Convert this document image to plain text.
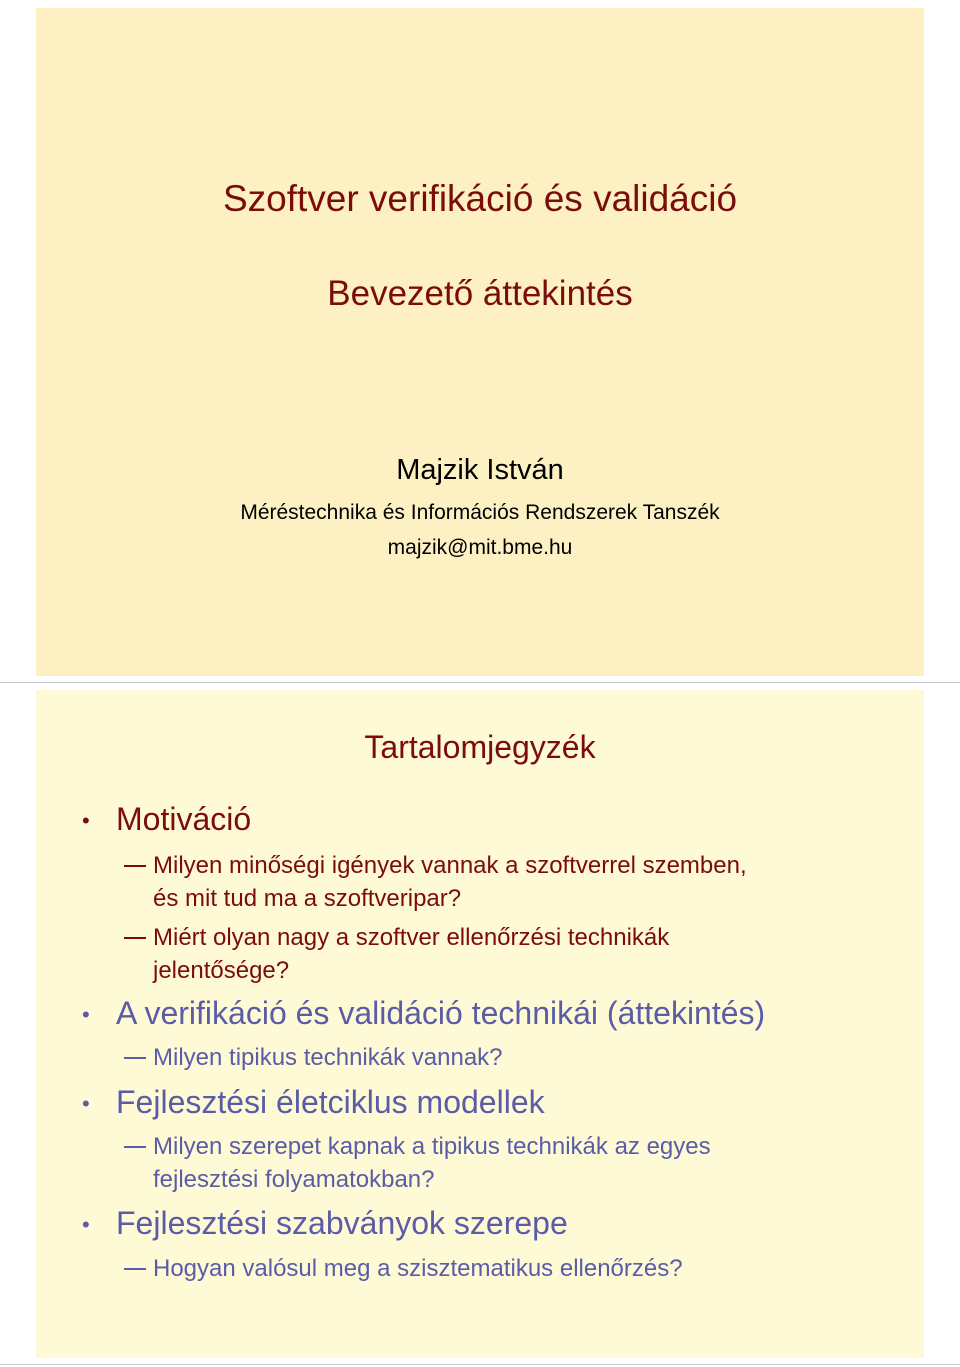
Szoftver verifikáció és validáció
Bevezető áttekintés
Majzik István
Méréstechnika és Információs Rendszerek Tanszék
majzik@mit.bme.hu
Tartalomjegyzék
• Motiváció
Milyen minőségi igények vannak a szoftverrel szemben,
és mit tud ma a szoftveripar?
Miért olyan nagy a szoftver ellenőrzési technikák
jelentősége?
• A verifikáció és validáció technikái (áttekintés)
Milyen tipikus technikák vannak?
• Fejlesztési életciklus modellek
Milyen szerepet kapnak a tipikus technikák az egyes
fejlesztési folyamatokban?
• Fejlesztési szabványok szerepe
Hogyan valósul meg a szisztematikus ellenőrzés?
